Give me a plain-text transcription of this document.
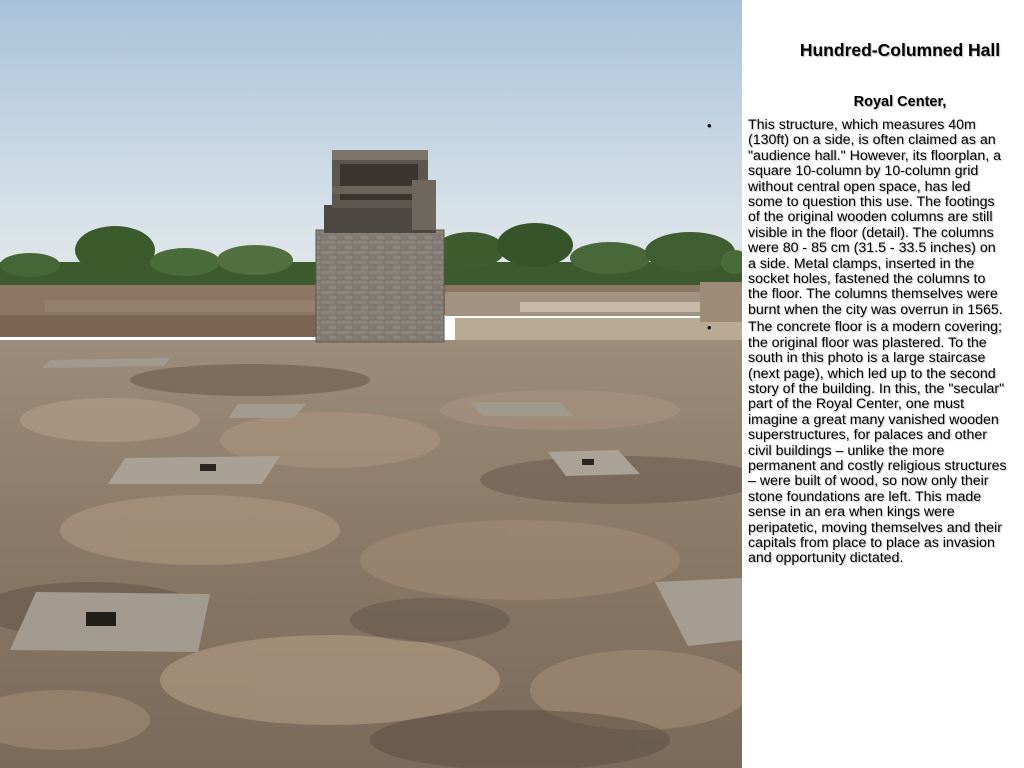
Hundred-Columned Hall

Royal Center,

•	This structure, which measures 40m (130ft) on a side, is often claimed as an "audience hall." However, its floorplan, a square 10-column by 10-column grid without central open space, has led some to question this use. The footings of the original wooden columns are still visible in the floor (detail). The columns were 80 - 85 cm (31.5 - 33.5 inches) on a side. Metal clamps, inserted in the socket holes, fastened the columns to the floor. The columns themselves were burnt when the city was overrun in 1565.
•	The concrete floor is a modern covering; the original floor was plastered. To the south in this photo is a large staircase (next page), which led up to the second story of the building. In this, the "secular" part of the Royal Center, one must imagine a great many vanished wooden superstructures, for palaces and other civil buildings – unlike the more permanent and costly religious structures – were built of wood, so now only their stone foundations are left. This made sense in an era when kings were peripatetic, moving themselves and their capitals from place to place as invasion and opportunity dictated.
